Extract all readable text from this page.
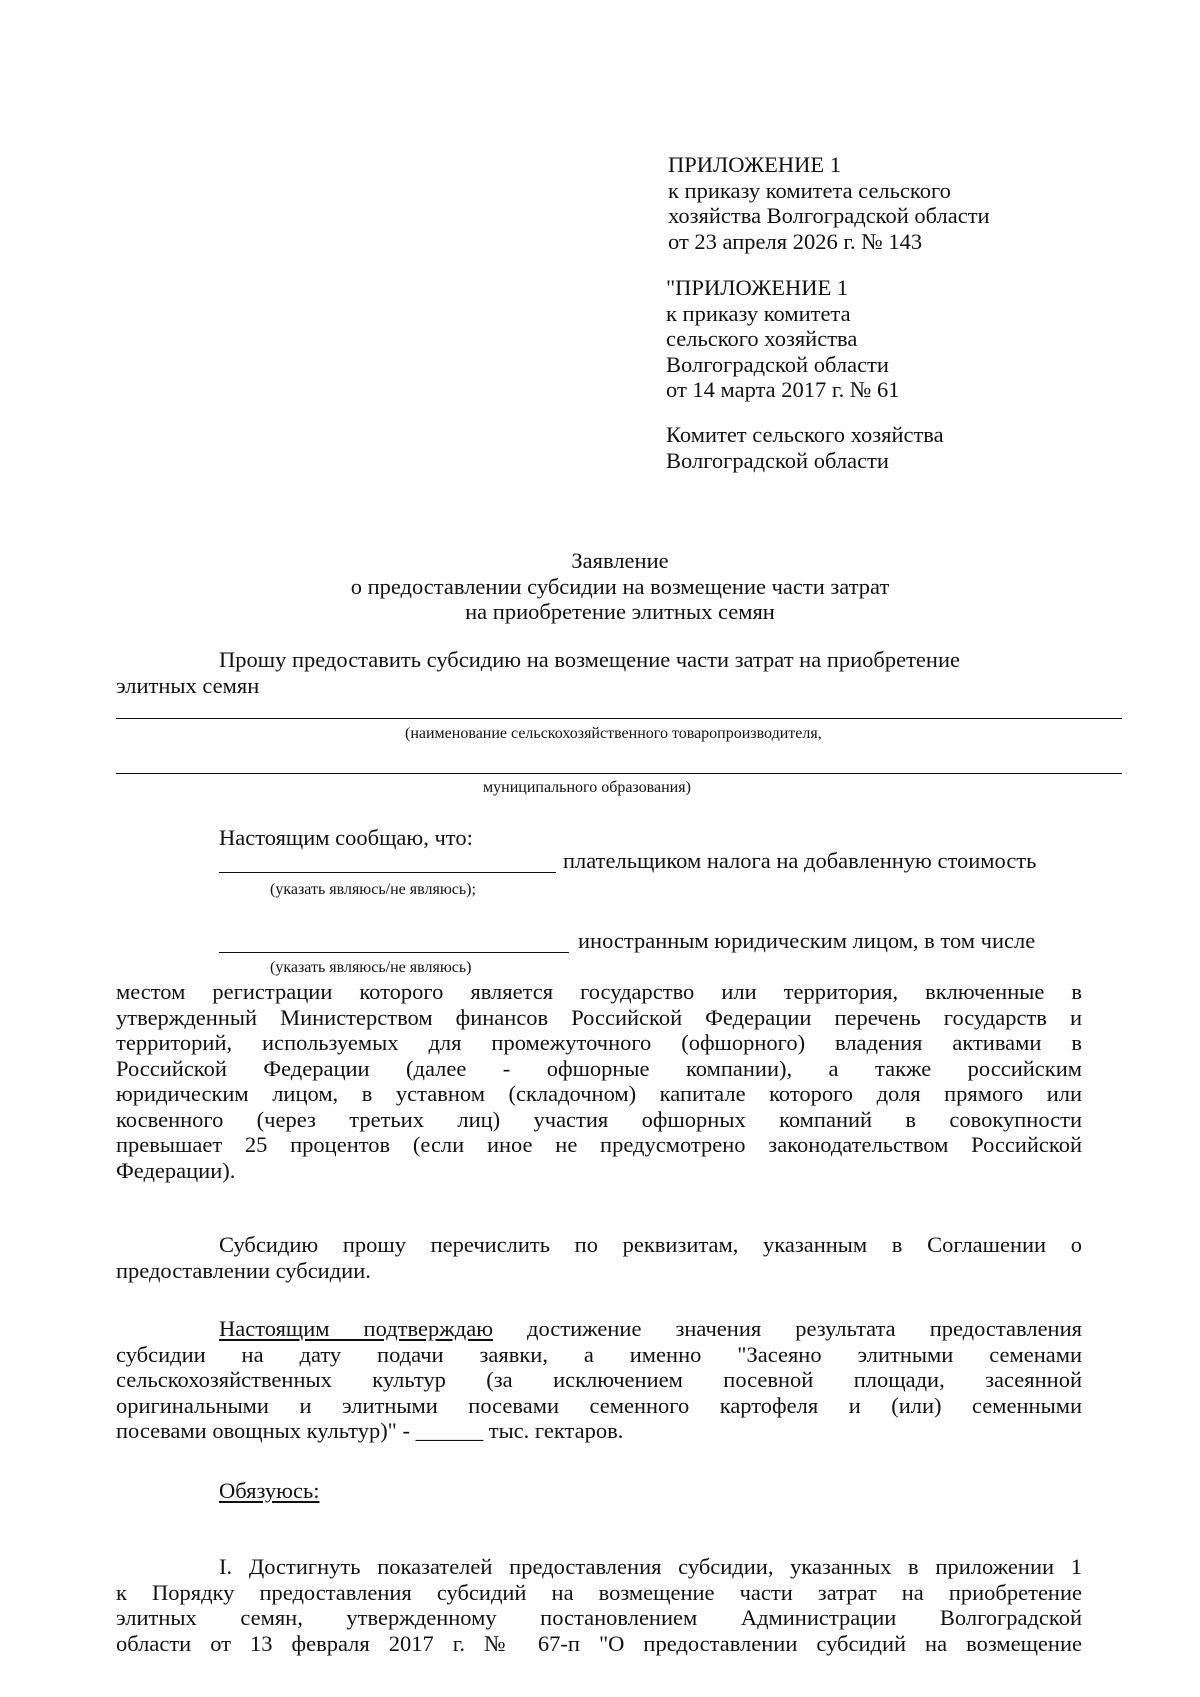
ПРИЛОЖЕНИЕ 1

к приказу комитета сельского

хозяйства Волгоградской области

от 23 апреля 2026 г. № 143

"ПРИЛОЖЕНИЕ 1

к приказу комитета

сельского хозяйства

Волгоградской области

от 14 марта 2017 г. № 61

Комитет сельского хозяйства

Волгоградской области

Заявление

о предоставлении субсидии на возмещение части затрат

на приобретение элитных семян

Прошу предоставить субсидию на возмещение части затрат на приобретение

элитных семян

(наименование сельскохозяйственного товаропроизводителя,
муниципального образования)
Настоящим сообщаю, что:
плательщиком налога на добавленную стоимость
(указать являюсь/не являюсь);
иностранным юридическим лицом, в том числе
(указать являюсь/не являюсь)

местом регистрации которого является государство или территория, включенные в

утвержденный Министерством финансов Российской Федерации перечень государств и

территорий, используемых для промежуточного (офшорного) владения активами в

Российской Федерации (далее - офшорные компании), а также российским

юридическим лицом, в уставном (складочном) капитале которого доля прямого или

косвенного (через третьих лиц) участия офшорных компаний в совокупности

превышает 25 процентов (если иное не предусмотрено законодательством Российской

Федерации).

Субсидию прошу перечислить по реквизитам, указанным в Соглашении о

предоставлении субсидии.

Настоящим подтверждаю достижение значения результата предоставления

субсидии на дату подачи заявки, а именно "Засеяно элитными семенами

сельскохозяйственных культур (за исключением посевной площади, засеянной

оригинальными и элитными посевами семенного картофеля и (или) семенными

посевами овощных культур)" - ______ тыс. гектаров.

Обязуюсь:

I. Достигнуть показателей предоставления субсидии, указанных в приложении 1

к Порядку предоставления субсидий на возмещение части затрат на приобретение

элитных семян, утвержденному постановлением Администрации Волгоградской

области от 13 февраля 2017 г. № 67-п "О предоставлении субсидий на возмещение
